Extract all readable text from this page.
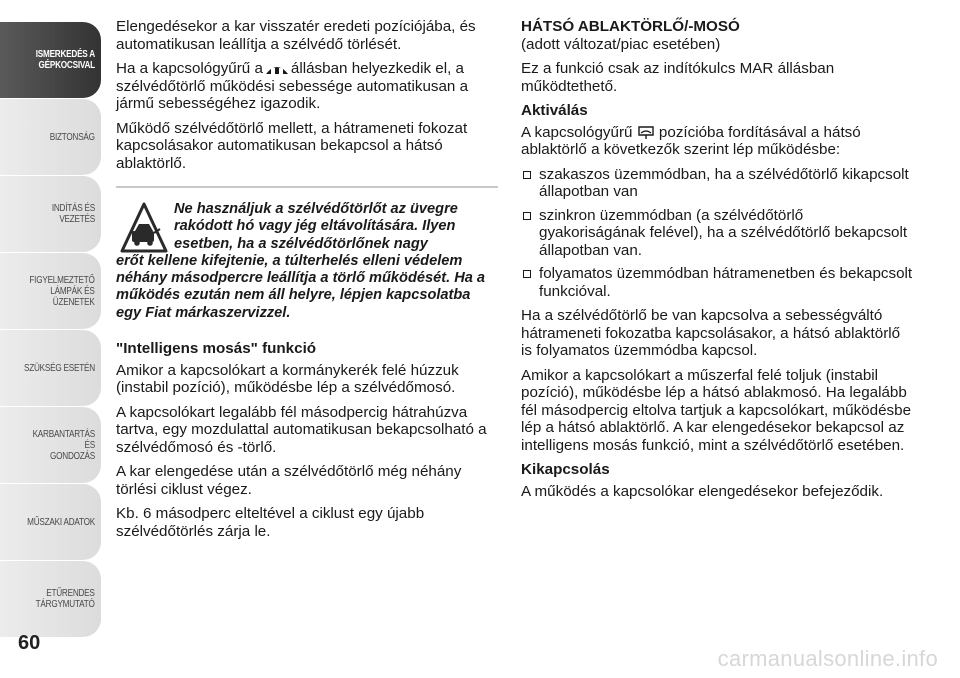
ISMERKEDÉS A
GÉPKOCSIVAL
BIZTONSÁG
INDÍTÁS ÉS VEZETÉS
FIGYELMEZTETŐ
LÁMPÁK ÉS
ÜZENETEK
SZÜKSÉG ESETÉN
KARBANTARTÁS ÉS
GONDOZÁS
MŰSZAKI ADATOK
ETŰRENDES
TÁRGYMUTATÓ
60

Elengedésekor a kar visszatér eredeti pozíciójába, és automatikusan leállítja a szélvédő törlését.

Ha a kapcsológyűrű a állásban helyezkedik el, a szélvédőtörlő működési sebessége automatikusan a jármű sebességéhez igazodik.

Működő szélvédőtörlő mellett, a hátrameneti fokozat kapcsolásakor automatikusan bekapcsol a hátsó ablaktörlő.

Ne használjuk a szélvédőtörlőt az üvegre rakódott hó vagy jég eltávolítására. Ilyen esetben, ha a szélvédőtörlőnek nagy
erőt kellene kifejtenie, a túlterhelés elleni védelem néhány másodpercre leállítja a törlő működését. Ha a működés ezután nem áll helyre, lépjen kapcsolatba egy Fiat márkaszervizzel.

"Intelligens mosás" funkció

Amikor a kapcsolókart a kormánykerék felé húzzuk (instabil pozíció), működésbe lép a szélvédőmosó.

A kapcsolókart legalább fél másodpercig hátrahúzva tartva, egy mozdulattal automatikusan bekapcsolható a szélvédőmosó és -törlő.

A kar elengedése után a szélvédőtörlő még néhány törlési ciklust végez.

Kb. 6 másodperc elteltével a ciklust egy újabb szélvédőtörlés zárja le.

HÁTSÓ ABLAKTÖRLŐ/-MOSÓ

(adott változat/piac esetében)

Ez a funkció csak az indítókulcs MAR állásban működtethető.

Aktiválás

A kapcsológyűrű pozícióba fordításával a hátsó ablaktörlő a következők szerint lép működésbe:

szakaszos üzemmódban, ha a szélvédőtörlő kikapcsolt állapotban van
szinkron üzemmódban (a szélvédőtörlő gyakoriságának felével), ha a szélvédőtörlő bekapcsolt állapotban van.
folyamatos üzemmódban hátramenetben és bekapcsolt funkcióval.

Ha a szélvédőtörlő be van kapcsolva a sebességváltó hátrameneti fokozatba kapcsolásakor, a hátsó ablaktörlő is folyamatos üzemmódba kapcsol.

Amikor a kapcsolókart a műszerfal felé toljuk (instabil pozíció), működésbe lép a hátsó ablakmosó. Ha legalább fél másodpercig eltolva tartjuk a kapcsolókart, működésbe lép a hátsó ablaktörlő. A kar elengedésekor bekapcsol az intelligens mosás funkció, mint a szélvédőtörlő esetében.

Kikapcsolás

A működés a kapcsolókar elengedésekor befejeződik.

carmanualsonline.info
